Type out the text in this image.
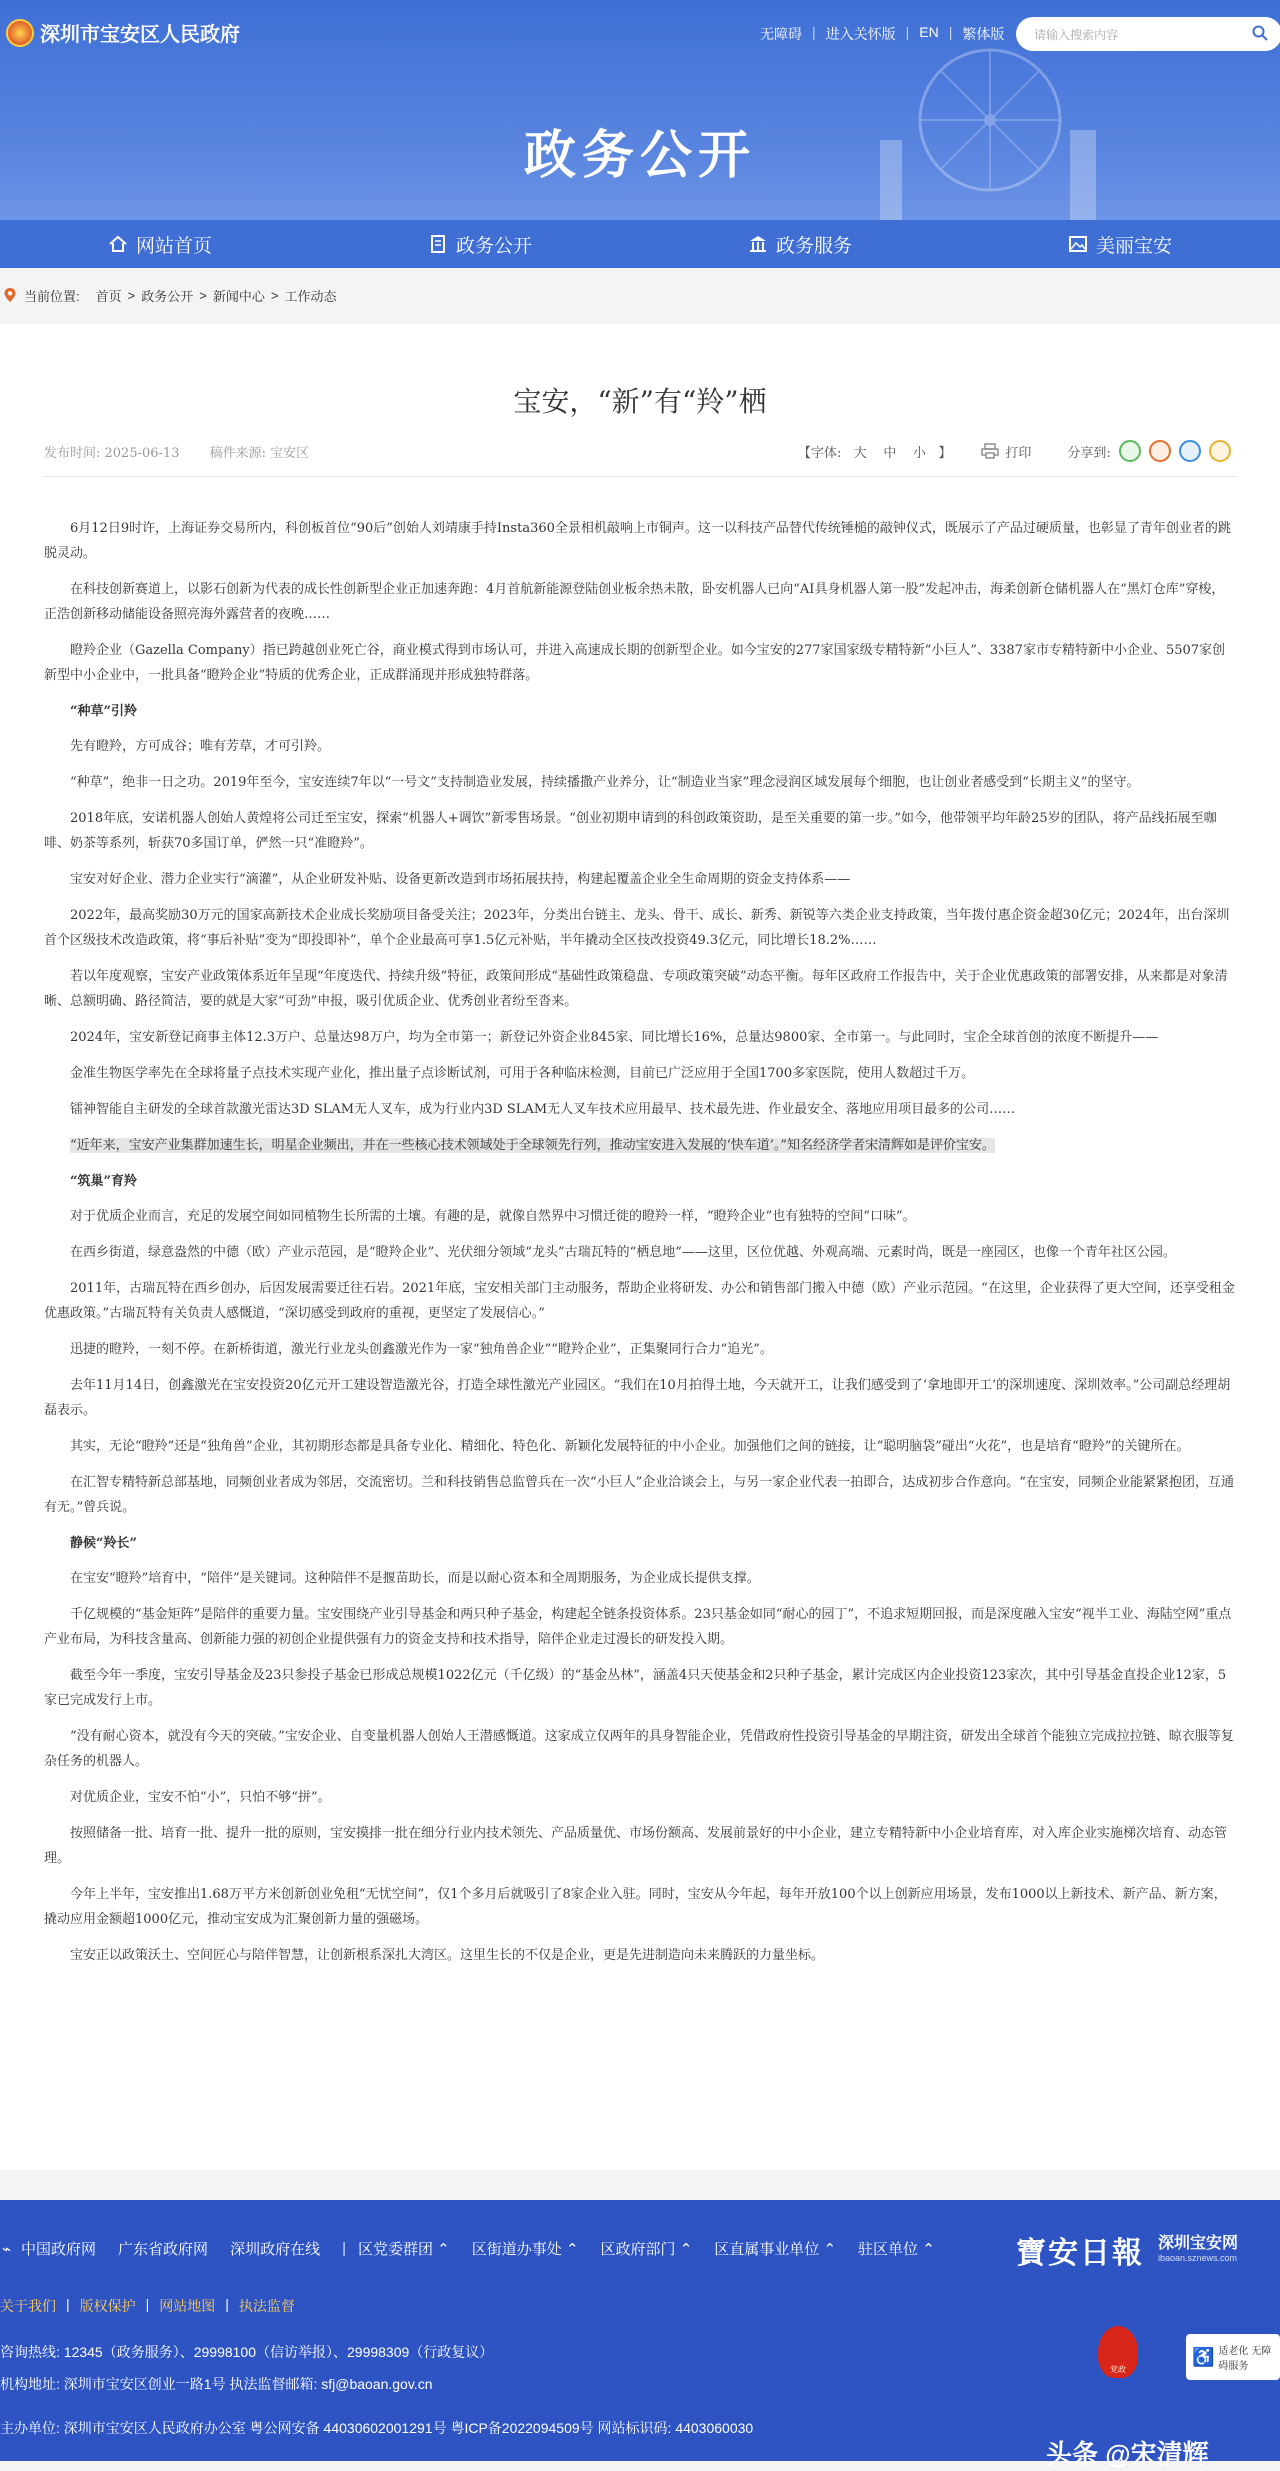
深圳市宝安区人民政府	无障碍 | 进入关怀版 | EN | 繁体版 请输入搜索内容
政务公开
网站首页	政务公开	政务服务	美丽宝安
当前位置: 首页 > 政务公开 > 新闻中心 > 工作动态
宝安，“新”有“羚”栖
发布时间: 2025-06-13 稿件来源: 宝安区	【字体: 大 中 小 】	打印	分享到:

6月12日9时许，上海证券交易所内，科创板首位“90后”创始人刘靖康手持Insta360全景相机敲响上市铜声。这一以科技产品替代传统锤槌的敲钟仪式，既展示了产品过硬质量，也彰显了青年创业者的跳脱灵动。

在科技创新赛道上，以影石创新为代表的成长性创新型企业正加速奔跑：4月首航新能源登陆创业板余热未散，卧安机器人已向“AI具身机器人第一股”发起冲击，海柔创新仓储机器人在“黑灯仓库”穿梭，正浩创新移动储能设备照亮海外露营者的夜晚……

瞪羚企业（Gazella Company）指已跨越创业死亡谷，商业模式得到市场认可，并进入高速成长期的创新型企业。如今宝安的277家国家级专精特新“小巨人”、3387家市专精特新中小企业、5507家创新型中小企业中，一批具备“瞪羚企业”特质的优秀企业，正成群涌现并形成独特群落。

“种草”引羚

先有瞪羚，方可成谷；唯有芳草，才可引羚。

“种草”，绝非一日之功。2019年至今，宝安连续7年以“一号文”支持制造业发展，持续播撒产业养分，让“制造业当家”理念浸润区域发展每个细胞，也让创业者感受到“长期主义”的坚守。

2018年底，安诺机器人创始人黄煌将公司迁至宝安，探索“机器人+调饮”新零售场景。“创业初期申请到的科创政策资助，是至关重要的第一步。”如今，他带领平均年龄25岁的团队，将产品线拓展至咖啡、奶茶等系列，斩获70多国订单，俨然一只“准瞪羚”。

宝安对好企业、潜力企业实行“滴灌”，从企业研发补贴、设备更新改造到市场拓展扶持，构建起覆盖企业全生命周期的资金支持体系——

2022年，最高奖励30万元的国家高新技术企业成长奖励项目备受关注；2023年，分类出台链主、龙头、骨干、成长、新秀、新锐等六类企业支持政策，当年拨付惠企资金超30亿元；2024年，出台深圳首个区级技术改造政策，将“事后补贴”变为“即投即补”，单个企业最高可享1.5亿元补贴，半年撬动全区技改投资49.3亿元，同比增长18.2%……

若以年度观察，宝安产业政策体系近年呈现“年度迭代、持续升级”特征，政策间形成“基础性政策稳盘、专项政策突破”动态平衡。每年区政府工作报告中，关于企业优惠政策的部署安排，从来都是对象清晰、总额明确、路径简洁，要的就是大家“可劲”申报，吸引优质企业、优秀创业者纷至沓来。

2024年，宝安新登记商事主体12.3万户、总量达98万户，均为全市第一；新登记外资企业845家、同比增长16%，总量达9800家、全市第一。与此同时，宝企全球首创的浓度不断提升——

金准生物医学率先在全球将量子点技术实现产业化，推出量子点诊断试剂，可用于各种临床检测，目前已广泛应用于全国1700多家医院，使用人数超过千万。

镭神智能自主研发的全球首款激光雷达3D SLAM无人叉车，成为行业内3D SLAM无人叉车技术应用最早、技术最先进、作业最安全、落地应用项目最多的公司……

“近年来，宝安产业集群加速生长，明星企业频出，并在一些核心技术领域处于全球领先行列，推动宝安进入发展的‘快车道’。”知名经济学者宋清辉如是评价宝安。

“筑巢”育羚

对于优质企业而言，充足的发展空间如同植物生长所需的土壤。有趣的是，就像自然界中习惯迁徙的瞪羚一样，“瞪羚企业”也有独特的空间“口味”。

在西乡街道，绿意盎然的中德（欧）产业示范园，是“瞪羚企业”、光伏细分领域“龙头”古瑞瓦特的“栖息地”——这里，区位优越、外观高端、元素时尚，既是一座园区，也像一个青年社区公园。

2011年，古瑞瓦特在西乡创办，后因发展需要迁往石岩。2021年底，宝安相关部门主动服务，帮助企业将研发、办公和销售部门搬入中德（欧）产业示范园。“在这里，企业获得了更大空间，还享受租金优惠政策。”古瑞瓦特有关负责人感慨道，“深切感受到政府的重视，更坚定了发展信心。”

迅捷的瞪羚，一刻不停。在新桥街道，激光行业龙头创鑫激光作为一家“独角兽企业”“瞪羚企业”，正集聚同行合力“追光”。

去年11月14日，创鑫激光在宝安投资20亿元开工建设智造激光谷，打造全球性激光产业园区。“我们在10月拍得土地，今天就开工，让我们感受到了‘拿地即开工’的深圳速度、深圳效率。”公司副总经理胡磊表示。

其实，无论“瞪羚”还是“独角兽”企业，其初期形态都是具备专业化、精细化、特色化、新颖化发展特征的中小企业。加强他们之间的链接，让“聪明脑袋”碰出“火花”，也是培育“瞪羚”的关键所在。

在汇智专精特新总部基地，同频创业者成为邻居，交流密切。兰和科技销售总监曾兵在一次“小巨人”企业洽谈会上，与另一家企业代表一拍即合，达成初步合作意向。“在宝安，同频企业能紧紧抱团，互通有无。”曾兵说。

静候“羚长”

在宝安“瞪羚”培育中，“陪伴”是关键词。这种陪伴不是揠苗助长，而是以耐心资本和全周期服务，为企业成长提供支撑。

千亿规模的“基金矩阵”是陪伴的重要力量。宝安围绕产业引导基金和两只种子基金，构建起全链条投资体系。23只基金如同“耐心的园丁”，不追求短期回报，而是深度融入宝安“视半工业、海陆空网”重点产业布局，为科技含量高、创新能力强的初创企业提供强有力的资金支持和技术指导，陪伴企业走过漫长的研发投入期。

截至今年一季度，宝安引导基金及23只参投子基金已形成总规模1022亿元（千亿级）的“基金丛林”，涵盖4只天使基金和2只种子基金，累计完成区内企业投资123家次，其中引导基金直投企业12家，5家已完成发行上市。

“没有耐心资本，就没有今天的突破。”宝安企业、自变量机器人创始人王潜感慨道。这家成立仅两年的具身智能企业，凭借政府性投资引导基金的早期注资，研发出全球首个能独立完成拉拉链、晾衣服等复杂任务的机器人。

对优质企业，宝安不怕“小”，只怕不够“拼”。

按照储备一批、培育一批、提升一批的原则，宝安摸排一批在细分行业内技术领先、产品质量优、市场份额高、发展前景好的中小企业，建立专精特新中小企业培育库，对入库企业实施梯次培育、动态管理。

今年上半年，宝安推出1.68万平方米创新创业免租“无忧空间”，仅1个多月后就吸引了8家企业入驻。同时，宝安从今年起，每年开放100个以上创新应用场景，发布1000以上新技术、新产品、新方案，撬动应用金额超1000亿元，推动宝安成为汇聚创新力量的强磁场。

宝安正以政策沃土、空间匠心与陪伴智慧，让创新根系深扎大湾区。这里生长的不仅是企业，更是先进制造向未来腾跃的力量坐标。

⌁ 中国政府网 广东省政府网 深圳政府在线 | 区党委群团 ⌃ 区街道办事处 ⌃ 区政府部门 ⌃ 区直属事业单位 ⌃ 驻区单位 ⌃	寶安日報 深圳宝安网
ibaoan.sznews.com
关于我们 | 版权保护 | 网站地图 | 执法监督
咨询热线: 12345（政务服务）、29998100（信访举报）、29998309（行政复议）
机构地址: 深圳市宝安区创业一路1号 执法监督邮箱: sfj@baoan.gov.cn
主办单位: 深圳市宝安区人民政府办公室 粤公网安备 44030602001291号 粤ICP备2022094509号 网站标识码: 4403060030
党政
♿ 适老化 无障碍服务
头条 @宋清辉
